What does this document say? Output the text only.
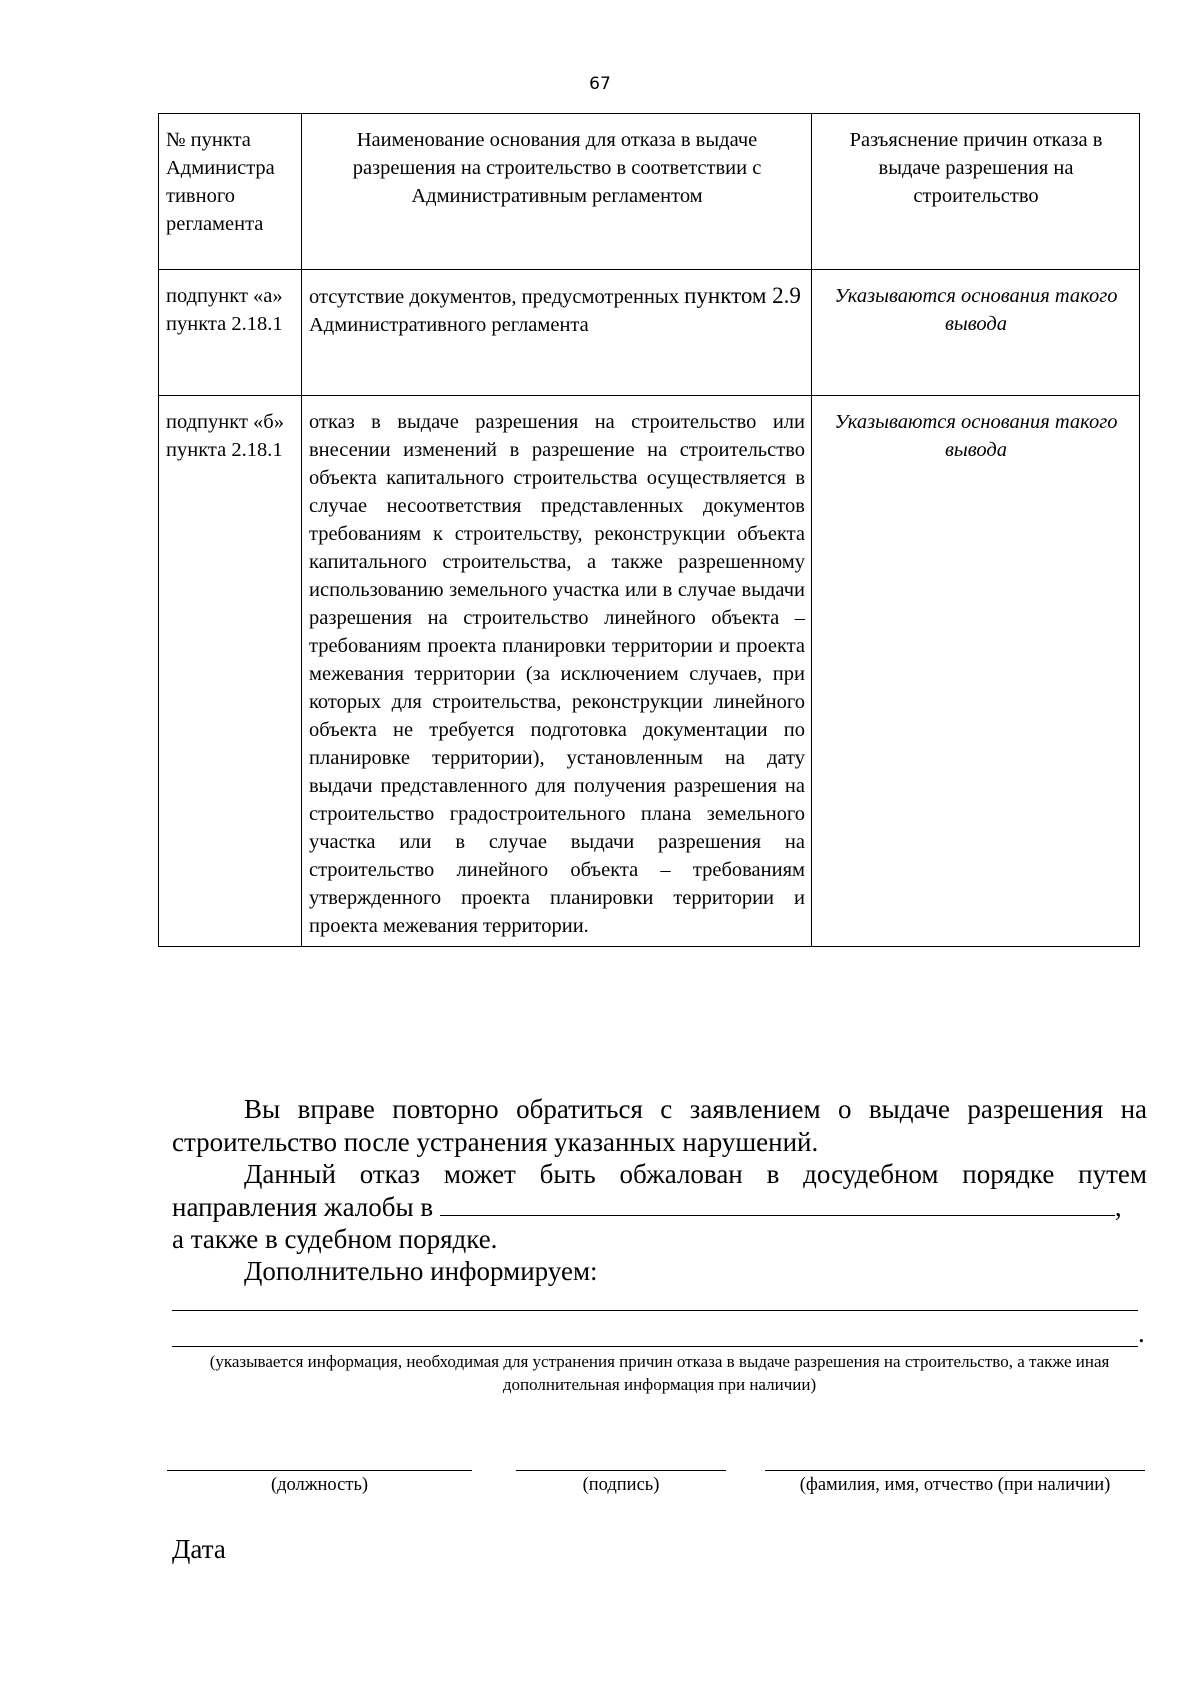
67
№ пункта Администра тивного регламента	Наименование основания для отказа в выдаче разрешения на строительство в соответствии с Административным регламентом	Разъяснение причин отказа в выдаче разрешения на строительство
подпункт «а» пункта 2.18.1	отсутствие документов, предусмотренных пунктом 2.9 Административного регламента	Указываются основания такого вывода
подпункт «б» пункта 2.18.1	отказ в выдаче разрешения на строительство или внесении изменений в разрешение на строительство объекта капитального строительства осуществляется в случае несоответствия представленных документов требованиям к строительству, реконструкции объекта капитального строительства, а также разрешенному использованию земельного участка или в случае выдачи разрешения на строительство линейного объекта – требованиям проекта планировки территории и проекта межевания территории (за исключением случаев, при которых для строительства, реконструкции линейного объекта не требуется подготовка документации по планировке территории), установленным на дату выдачи представленного для получения разрешения на строительство градостроительного плана земельного участка или в случае выдачи разрешения на строительство линейного объекта – требованиям утвержденного проекта планировки территории и проекта межевания территории.	Указываются основания такого вывода
Вы вправе повторно обратиться с заявлением о выдаче разрешения на строительство после устранения указанных нарушений.
Данный отказ может быть обжалован в досудебном порядке путем направления жалобы в	,
а также в судебном порядке.
Дополнительно информируем:
.
(указывается информация, необходимая для устранения причин отказа в выдаче разрешения на строительство, а также иная дополнительная информация при наличии)
(должность)	(подпись)	(фамилия, имя, отчество (при наличии)
Дата
